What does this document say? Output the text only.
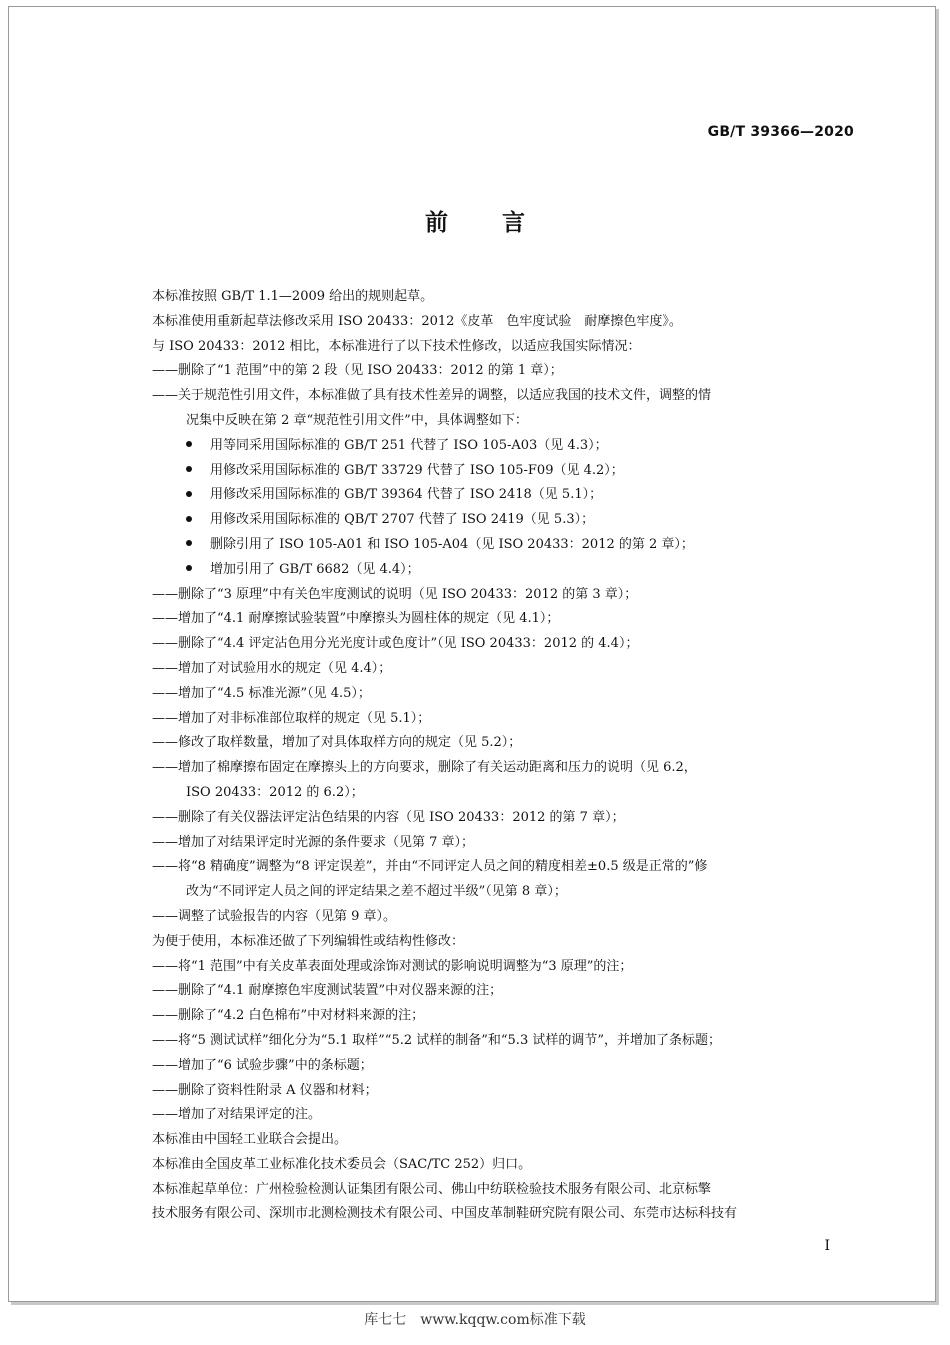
GB/T 39366—2020
前言
本标准按照 GB/T 1.1—2009 给出的规则起草。
本标准使用重新起草法修改采用 ISO 20433：2012《皮革　色牢度试验　耐摩擦色牢度》。
与 ISO 20433：2012 相比，本标准进行了以下技术性修改，以适应我国实际情况：
——删除了“1 范围”中的第 2 段（见 ISO 20433：2012 的第 1 章）；
——关于规范性引用文件，本标准做了具有技术性差异的调整，以适应我国的技术文件，调整的情
况集中反映在第 2 章“规范性引用文件”中，具体调整如下：
用等同采用国际标准的 GB/T 251 代替了 ISO 105-A03（见 4.3）；
用修改采用国际标准的 GB/T 33729 代替了 ISO 105-F09（见 4.2）；
用修改采用国际标准的 GB/T 39364 代替了 ISO 2418（见 5.1）；
用修改采用国际标准的 QB/T 2707 代替了 ISO 2419（见 5.3）；
删除引用了 ISO 105-A01 和 ISO 105-A04（见 ISO 20433：2012 的第 2 章）；
增加引用了 GB/T 6682（见 4.4）；
——删除了“3 原理”中有关色牢度测试的说明（见 ISO 20433：2012 的第 3 章）；
——增加了“4.1 耐摩擦试验装置”中摩擦头为圆柱体的规定（见 4.1）；
——删除了“4.4 评定沾色用分光光度计或色度计”（见 ISO 20433：2012 的 4.4）；
——增加了对试验用水的规定（见 4.4）；
——增加了“4.5 标准光源”（见 4.5）；
——增加了对非标准部位取样的规定（见 5.1）；
——修改了取样数量，增加了对具体取样方向的规定（见 5.2）；
——增加了棉摩擦布固定在摩擦头上的方向要求，删除了有关运动距离和压力的说明（见 6.2，
ISO 20433：2012 的 6.2）；
——删除了有关仪器法评定沾色结果的内容（见 ISO 20433：2012 的第 7 章）；
——增加了对结果评定时光源的条件要求（见第 7 章）；
——将“8 精确度”调整为“8 评定误差”，并由“不同评定人员之间的精度相差±0.5 级是正常的”修
改为“不同评定人员之间的评定结果之差不超过半级”（见第 8 章）；
——调整了试验报告的内容（见第 9 章）。
为便于使用，本标准还做了下列编辑性或结构性修改：
——将“1 范围”中有关皮革表面处理或涂饰对测试的影响说明调整为“3 原理”的注；
——删除了“4.1 耐摩擦色牢度测试装置”中对仪器来源的注；
——删除了“4.2 白色棉布”中对材料来源的注；
——将“5 测试试样”细化分为“5.1 取样”“5.2 试样的制备”和“5.3 试样的调节”，并增加了条标题；
——增加了“6 试验步骤”中的条标题；
——删除了资料性附录 A 仪器和材料；
——增加了对结果评定的注。
本标准由中国轻工业联合会提出。
本标准由全国皮革工业标准化技术委员会（SAC/TC 252）归口。
本标准起草单位：广州检验检测认证集团有限公司、佛山中纺联检验技术服务有限公司、北京标擎
技术服务有限公司、深圳市北测检测技术有限公司、中国皮革制鞋研究院有限公司、东莞市达标科技有
I
库七七　www.kqqw.com标准下载
